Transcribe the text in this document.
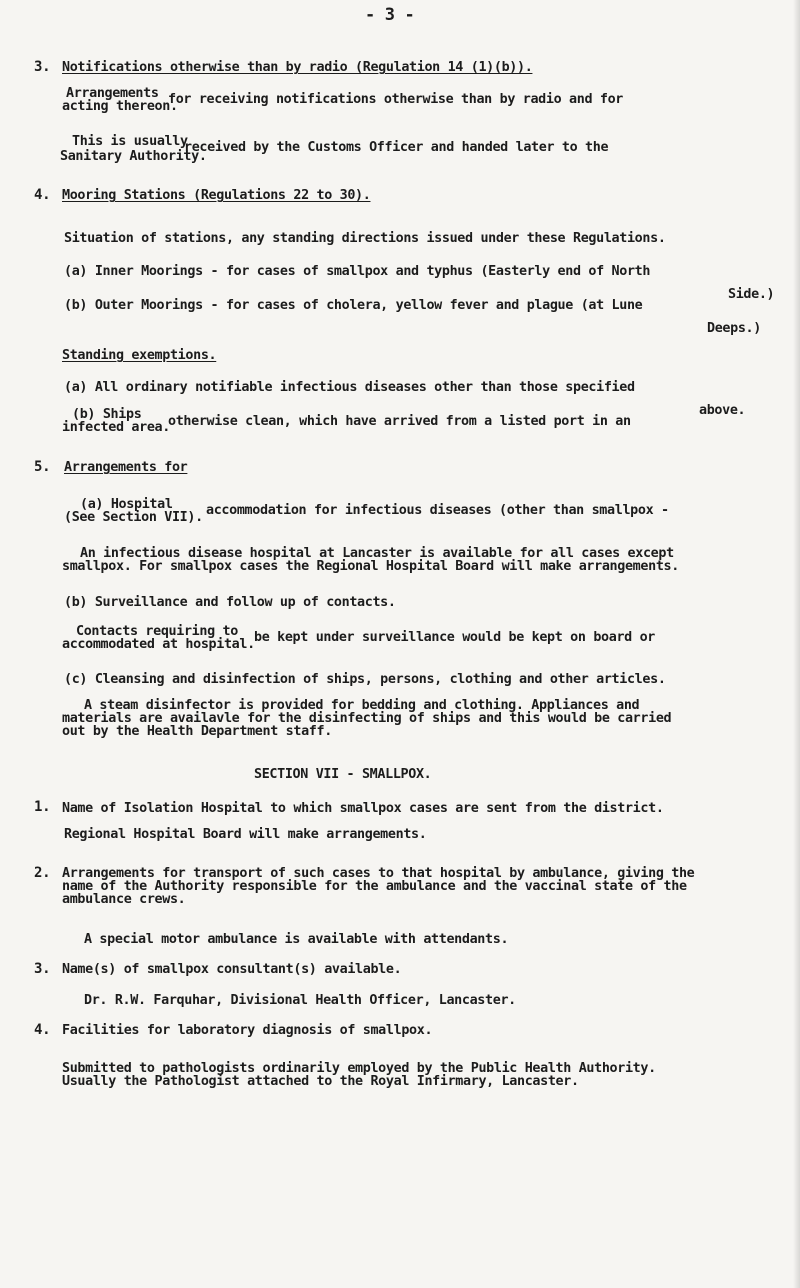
- 3 -
3. Notifications otherwise than by radio (Regulation 14 (1)(b)).
Arrangements for receiving notifications otherwise than by radio and for
acting thereon.
This is usually
received by the Customs Officer and handed later to the
Sanitary Authority.
4. Mooring Stations (Regulations 22 to 30).
Situation of stations, any standing directions issued under these Regulations.
(a) Inner Moorings - for cases of smallpox and typhus (Easterly end of North
(b) Outer Moorings - for cases of cholera, yellow fever and plague (at Lune
Side.)
Deeps.)
Standing exemptions.
(a) All ordinary notifiable infectious diseases other than those specified
(b) Ships otherwise clean, which have arrived from a listed port in an
above.
infected area.
5. Arrangements for
(a) Hospital accommodation for infectious diseases (other than smallpox -
(See Section VII).
An infectious disease hospital at Lancaster is available for all cases except
smallpox. For smallpox cases the Regional Hospital Board will make arrangements.
(b) Surveillance and follow up of contacts.
Contacts requiring to be kept under surveillance would be kept on board or
accommodated at hospital.
(c) Cleansing and disinfection of ships, persons, clothing and other articles.
A steam disinfector is provided for bedding and clothing. Appliances and
materials are availavle for the disinfecting of ships and this would be carried
out by the Health Department staff.
SECTION VII - SMALLPOX.
1. Name of Isolation Hospital to which smallpox cases are sent from the district.
Regional Hospital Board will make arrangements.
2. Arrangements for transport of such cases to that hospital by ambulance, giving the
name of the Authority responsible for the ambulance and the vaccinal state of the
ambulance crews.
A special motor ambulance is available with attendants.
3. Name(s) of smallpox consultant(s) available.
Dr. R.W. Farquhar, Divisional Health Officer, Lancaster.
4. Facilities for laboratory diagnosis of smallpox.
Submitted to pathologists ordinarily employed by the Public Health Authority.
Usually the Pathologist attached to the Royal Infirmary, Lancaster.
